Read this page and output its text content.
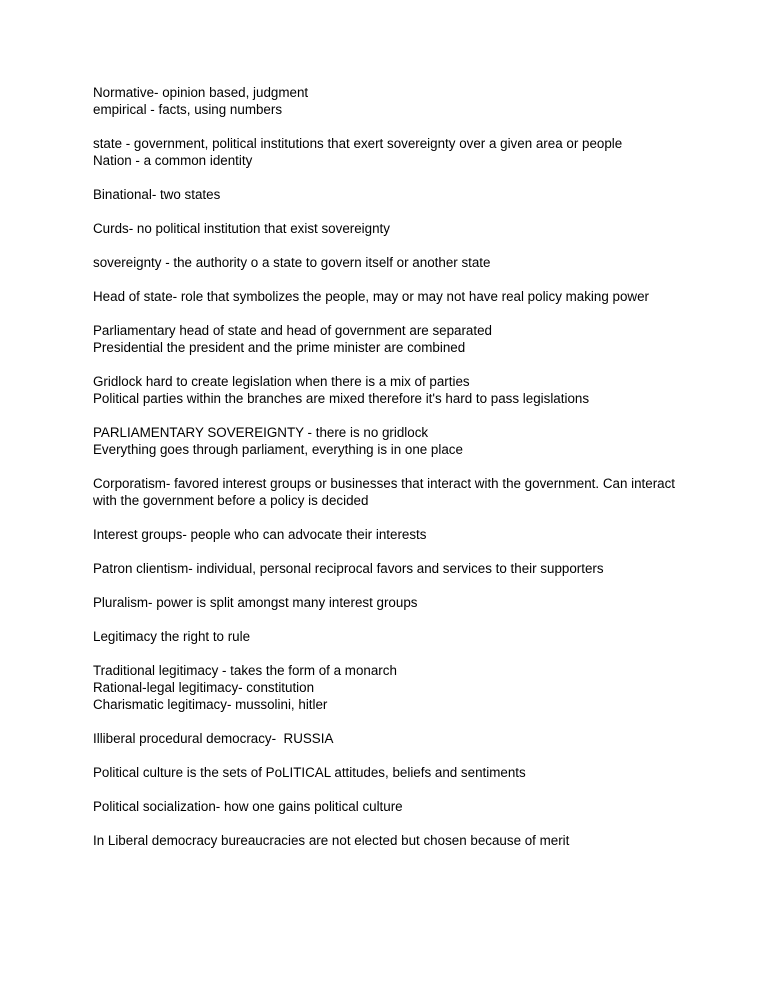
Normative- opinion based, judgment
empirical - facts, using numbers
state - government, political institutions that exert sovereignty over a given area or people
Nation - a common identity
Binational- two states
Curds- no political institution that exist sovereignty
sovereignty - the authority o a state to govern itself or another state
Head of state- role that symbolizes the people, may or may not have real policy making power
Parliamentary head of state and head of government are separated
Presidential the president and the prime minister are combined
Gridlock hard to create legislation when there is a mix of parties
Political parties within the branches are mixed therefore it's hard to pass legislations
PARLIAMENTARY SOVEREIGNTY - there is no gridlock
Everything goes through parliament, everything is in one place
Corporatism- favored interest groups or businesses that interact with the government. Can interact with the government before a policy is decided
Interest groups- people who can advocate their interests
Patron clientism- individual, personal reciprocal favors and services to their supporters
Pluralism- power is split amongst many interest groups
Legitimacy the right to rule
Traditional legitimacy - takes the form of a monarch
Rational-legal legitimacy- constitution
Charismatic legitimacy- mussolini, hitler
Illiberal procedural democracy-  RUSSIA
Political culture is the sets of PoLITICAL attitudes, beliefs and sentiments
Political socialization- how one gains political culture
In Liberal democracy bureaucracies are not elected but chosen because of merit
